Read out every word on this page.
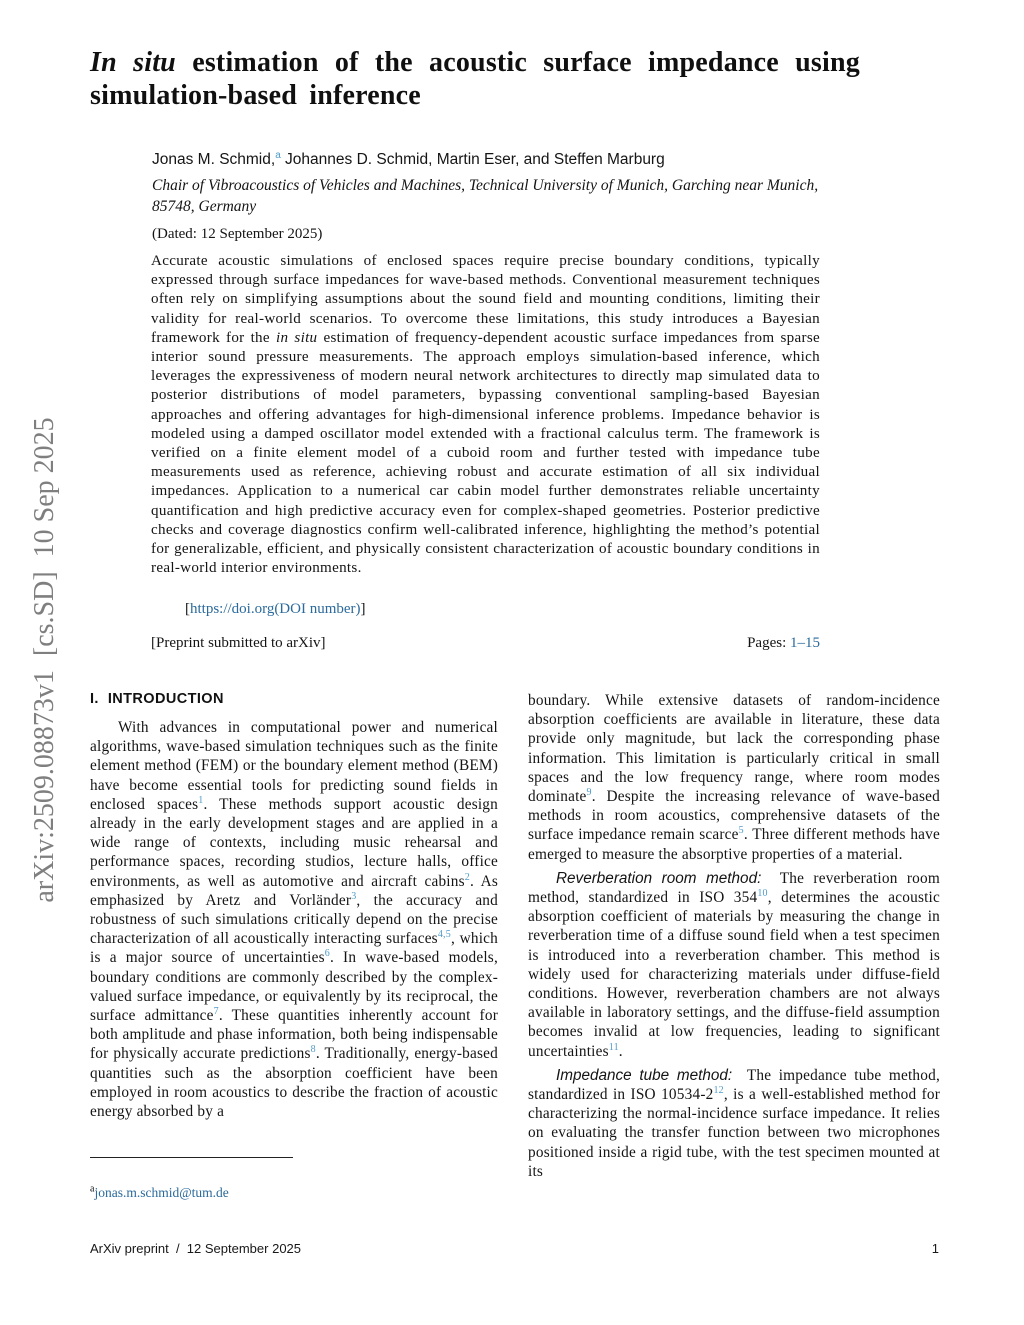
arXiv:2509.08873v1  [cs.SD]  10 Sep 2025
In situ estimation of the acoustic surface impedance using simulation-based inference
Jonas M. Schmid,$^a$ Johannes D. Schmid, Martin Eser, and Steffen Marburg
Chair of Vibroacoustics of Vehicles and Machines, Technical University of Munich, Garching near Munich, 85748, Germany
(Dated: 12 September 2025)
Accurate acoustic simulations of enclosed spaces require precise boundary conditions, typically expressed through surface impedances for wave-based methods. Conventional measurement techniques often rely on simplifying assumptions about the sound field and mounting conditions, limiting their validity for real-world scenarios. To overcome these limitations, this study introduces a Bayesian framework for the in situ estimation of frequency-dependent acoustic surface impedances from sparse interior sound pressure measurements. The approach employs simulation-based inference, which leverages the expressiveness of modern neural network architectures to directly map simulated data to posterior distributions of model parameters, bypassing conventional sampling-based Bayesian approaches and offering advantages for high-dimensional inference problems. Impedance behavior is modeled using a damped oscillator model extended with a fractional calculus term. The framework is verified on a finite element model of a cuboid room and further tested with impedance tube measurements used as reference, achieving robust and accurate estimation of all six individual impedances. Application to a numerical car cabin model further demonstrates reliable uncertainty quantification and high predictive accuracy even for complex-shaped geometries. Posterior predictive checks and coverage diagnostics confirm well-calibrated inference, highlighting the method’s potential for generalizable, efficient, and physically consistent characterization of acoustic boundary conditions in real-world interior environments.
[https://doi.org(DOI number)]
[Preprint submitted to arXiv]	Pages: 1–15
I. INTRODUCTION

With advances in computational power and numerical algorithms, wave-based simulation techniques such as the finite element method (FEM) or the boundary element method (BEM) have become essential tools for predicting sound fields in enclosed spaces$^1$. These methods support acoustic design already in the early development stages and are applied in a wide range of contexts, including music rehearsal and performance spaces, recording studios, lecture halls, office environments, as well as automotive and aircraft cabins$^2$. As emphasized by Aretz and Vorländer$^3$, the accuracy and robustness of such simulations critically depend on the precise characterization of all acoustically interacting surfaces$^{4,5}$, which is a major source of uncertainties$^6$. In wave-based models, boundary conditions are commonly described by the complex-valued surface impedance, or equivalently by its reciprocal, the surface admittance$^7$. These quantities inherently account for both amplitude and phase information, both being indispensable for physically accurate predictions$^8$. Traditionally, energy-based quantities such as the absorption coefficient have been employed in room acoustics to describe the fraction of acoustic energy absorbed by a

boundary. While extensive datasets of random-incidence absorption coefficients are available in literature, these data provide only magnitude, but lack the corresponding phase information. This limitation is particularly critical in small spaces and the low frequency range, where room modes dominate$^9$. Despite the increasing relevance of wave-based methods in room acoustics, comprehensive datasets of the surface impedance remain scarce$^5$. Three different methods have emerged to measure the absorptive properties of a material.

Reverberation room method:  The reverberation room method, standardized in ISO 354$^{10}$, determines the acoustic absorption coefficient of materials by measuring the change in reverberation time of a diffuse sound field when a test specimen is introduced into a reverberation chamber. This method is widely used for characterizing materials under diffuse-field conditions. However, reverberation chambers are not always available in laboratory settings, and the diffuse-field assumption becomes invalid at low frequencies, leading to significant uncertainties$^{11}$.

Impedance tube method:  The impedance tube method, standardized in ISO 10534-2$^{12}$, is a well-established method for characterizing the normal-incidence surface impedance. It relies on evaluating the transfer function between two microphones positioned inside a rigid tube, with the test specimen mounted at its

$^a$jonas.m.schmid@tum.de
ArXiv preprint  /  12 September 2025	1
